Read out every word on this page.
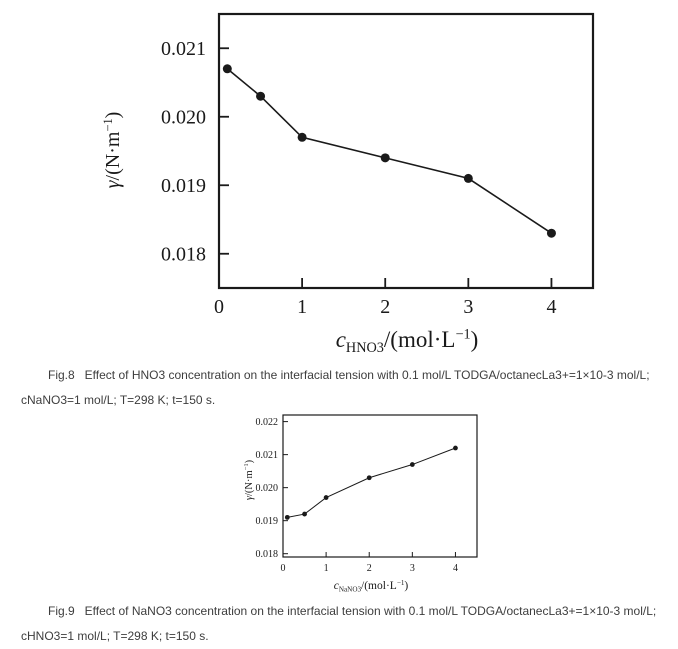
0.021
0.020
0.019
0.018
0	1	2	3	4
$c_{HNO3}/(mol\cdot L^{-1})$
$\gamma/(N\cdot m^{-1})$
Fig.8   Effect of HNO3 concentration on the interfacial tension with 0.1 mol/L TODGA/octanecLa3+=1×10-3 mol/L;
cNaNO3=1 mol/L; T=298 K; t=150 s.
0.022
0.021
0.020
0.019
0.018
0	1	2	3	4
$c_{NaNO3}/(mol\cdot L^{-1})$
$\gamma/(N\cdot m^{-1})$
Fig.9   Effect of NaNO3 concentration on the interfacial tension with 0.1 mol/L TODGA/octanecLa3+=1×10-3 mol/L;
cHNO3=1 mol/L; T=298 K; t=150 s.
